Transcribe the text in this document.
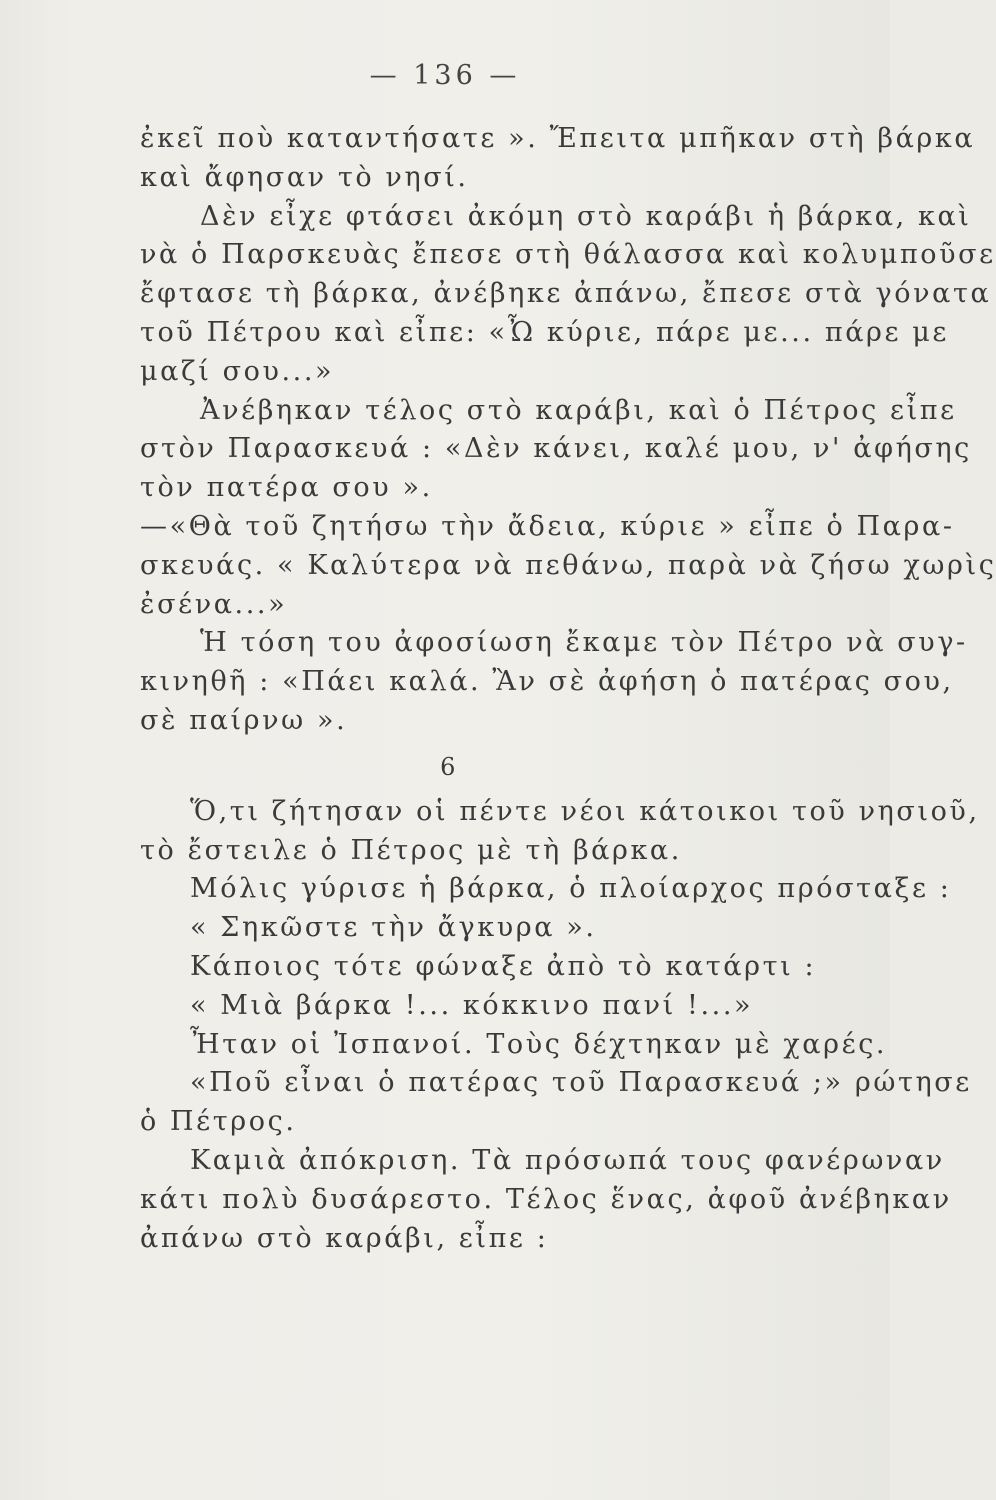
— 136 —
ἐκεῖ ποὺ καταντήσατε ». Ἔπειτα μπῆκαν στὴ βάρκα
καὶ ἄφησαν τὸ νησί.
Δὲν εἶχε φτάσει ἀκόμη στὸ καράβι ἡ βάρκα, καὶ
νὰ ὁ Παρσκευὰς ἔπεσε στὴ θάλασσα καὶ κολυμποῦσε
ἔφτασε τὴ βάρκα, ἀνέβηκε ἀπάνω, ἔπεσε στὰ γόνατα
τοῦ Πέτρου καὶ εἶπε: «Ὦ κύριε, πάρε με... πάρε με
μαζί σου...»
Ἀνέβηκαν τέλος στὸ καράβι, καὶ ὁ Πέτρος εἶπε
στὸν Παρασκευά : «Δὲν κάνει, καλέ μου, ν' ἀφήσης
τὸν πατέρα σου ».
—«Θὰ τοῦ ζητήσω τὴν ἄδεια, κύριε » εἶπε ὁ Παρα-
σκευάς. « Καλύτερα νὰ πεθάνω, παρὰ νὰ ζήσω χωρὶς
ἐσένα...»
Ἡ τόση του ἀφοσίωση ἔκαμε τὸν Πέτρο νὰ συγ-
κινηθῆ : «Πάει καλά. Ἂν σὲ ἀφήση ὁ πατέρας σου,
σὲ παίρνω ».
6
Ὅ,τι ζήτησαν οἱ πέντε νέοι κάτοικοι τοῦ νησιοῦ,
τὸ ἔστειλε ὁ Πέτρος μὲ τὴ βάρκα.
Μόλις γύρισε ἡ βάρκα, ὁ πλοίαρχος πρόσταξε :
« Σηκῶστε τὴν ἄγκυρα ».
Κάποιος τότε φώναξε ἀπὸ τὸ κατάρτι :
« Μιὰ βάρκα !... κόκκινο πανί !...»
Ἦταν οἱ Ἰσπανοί. Τοὺς δέχτηκαν μὲ χαρές.
«Ποῦ εἶναι ὁ πατέρας τοῦ Παρασκευά ;» ρώτησε
ὁ Πέτρος.
Καμιὰ ἀπόκριση. Τὰ πρόσωπά τους φανέρωναν
κάτι πολὺ δυσάρεστο. Τέλος ἕνας, ἀφοῦ ἀνέβηκαν
ἀπάνω στὸ καράβι, εἶπε :
